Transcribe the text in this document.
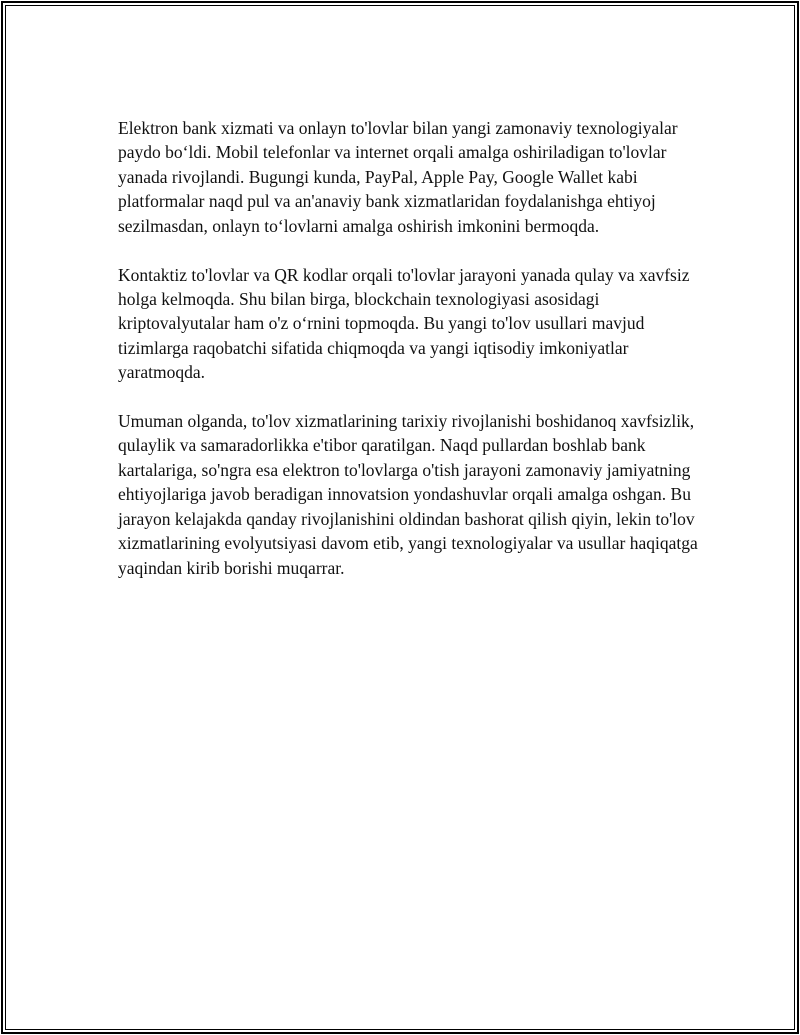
Elektron bank xizmati va onlayn to'lovlar bilan yangi zamonaviy texnologiyalar paydo bo‘ldi. Mobil telefonlar va internet orqali amalga oshiriladigan to'lovlar yanada rivojlandi. Bugungi kunda, PayPal, Apple Pay, Google Wallet kabi platformalar naqd pul va an'anaviy bank xizmatlaridan foydalanishga ehtiyoj sezilmasdan, onlayn to‘lovlarni amalga oshirish imkonini bermoqda.

Kontaktiz to'lovlar va QR kodlar orqali to'lovlar jarayoni yanada qulay va xavfsiz holga kelmoqda. Shu bilan birga, blockchain texnologiyasi asosidagi kriptovalyutalar ham o'z o‘rnini topmoqda. Bu yangi to'lov usullari mavjud tizimlarga raqobatchi sifatida chiqmoqda va yangi iqtisodiy imkoniyatlar yaratmoqda.

Umuman olganda, to'lov xizmatlarining tarixiy rivojlanishi boshidanoq xavfsizlik, qulaylik va samaradorlikka e'tibor qaratilgan. Naqd pullardan boshlab bank kartalariga, so'ngra esa elektron to'lovlarga o'tish jarayoni zamonaviy jamiyatning ehtiyojlariga javob beradigan innovatsion yondashuvlar orqali amalga oshgan. Bu jarayon kelajakda qanday rivojlanishini oldindan bashorat qilish qiyin, lekin to'lov xizmatlarining evolyutsiyasi davom etib, yangi texnologiyalar va usullar haqiqatga yaqindan kirib borishi muqarrar.
